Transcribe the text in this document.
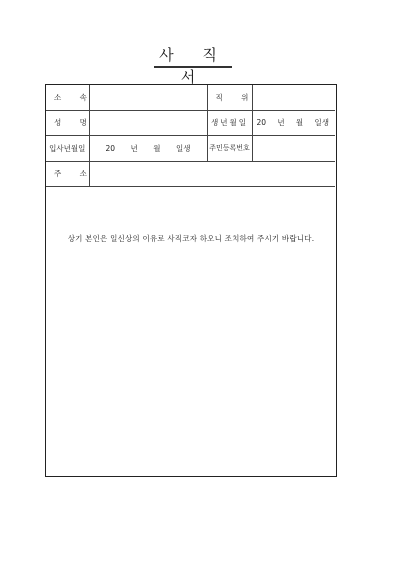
사 직 서
소 속		직 위	
성 명		생년월일	20 년 월 일생

입사년월일	20 년 월 일생	주민등록번호	
주 소			
상기 본인은 일신상의 이유로 사직코자 하오니 조치하여 주시기 바랍니다.
